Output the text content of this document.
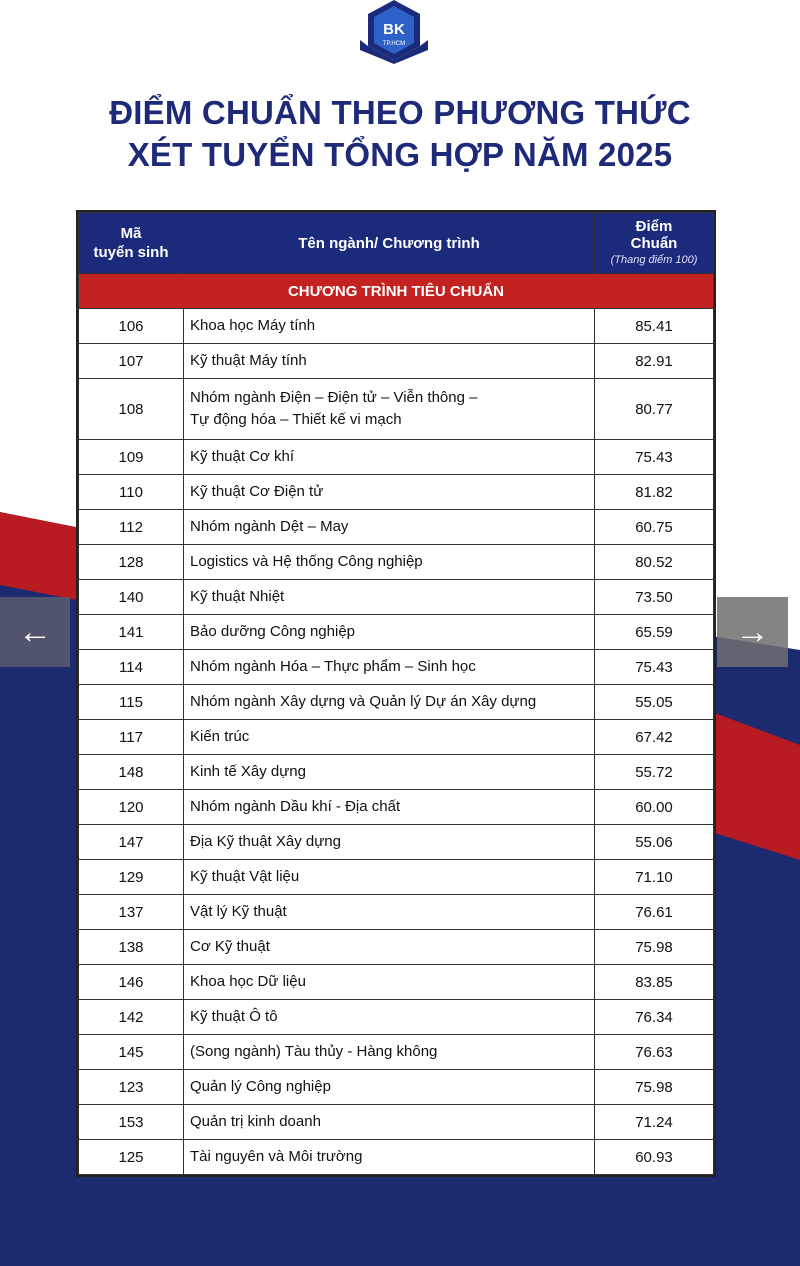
BK
TP.HCM
ĐIỂM CHUẨN THEO PHƯƠNG THỨC
XÉT TUYỂN TỔNG HỢP NĂM 2025
Mã
tuyển sinh	Tên ngành/ Chương trình	Điểm
Chuẩn
(Thang điểm 100)

CHƯƠNG TRÌNH TIÊU CHUẨN		
106	Khoa học Máy tính	85.41
107	Kỹ thuật Máy tính	82.91
108	Nhóm ngành Điện – Điện tử – Viễn thông –
Tự động hóa – Thiết kế vi mạch	80.77
109	Kỹ thuật Cơ khí	75.43
110	Kỹ thuật Cơ Điện tử	81.82
112	Nhóm ngành Dệt – May	60.75
128	Logistics và Hệ thống Công nghiệp	80.52
140	Kỹ thuật Nhiệt	73.50
141	Bảo dưỡng Công nghiệp	65.59
114	Nhóm ngành Hóa – Thực phẩm – Sinh học	75.43
115	Nhóm ngành Xây dựng và Quản lý Dự án Xây dựng	55.05
117	Kiến trúc	67.42
148	Kinh tế Xây dựng	55.72
120	Nhóm ngành Dầu khí - Địa chất	60.00
147	Địa Kỹ thuật Xây dựng	55.06
129	Kỹ thuật Vật liệu	71.10
137	Vật lý Kỹ thuật	76.61
138	Cơ Kỹ thuật	75.98
146	Khoa học Dữ liệu	83.85
142	Kỹ thuật Ô tô	76.34
145	(Song ngành) Tàu thủy - Hàng không	76.63
123	Quản lý Công nghiệp	75.98
153	Quản trị kinh doanh	71.24
125	Tài nguyên và Môi trường	60.93
←	→
